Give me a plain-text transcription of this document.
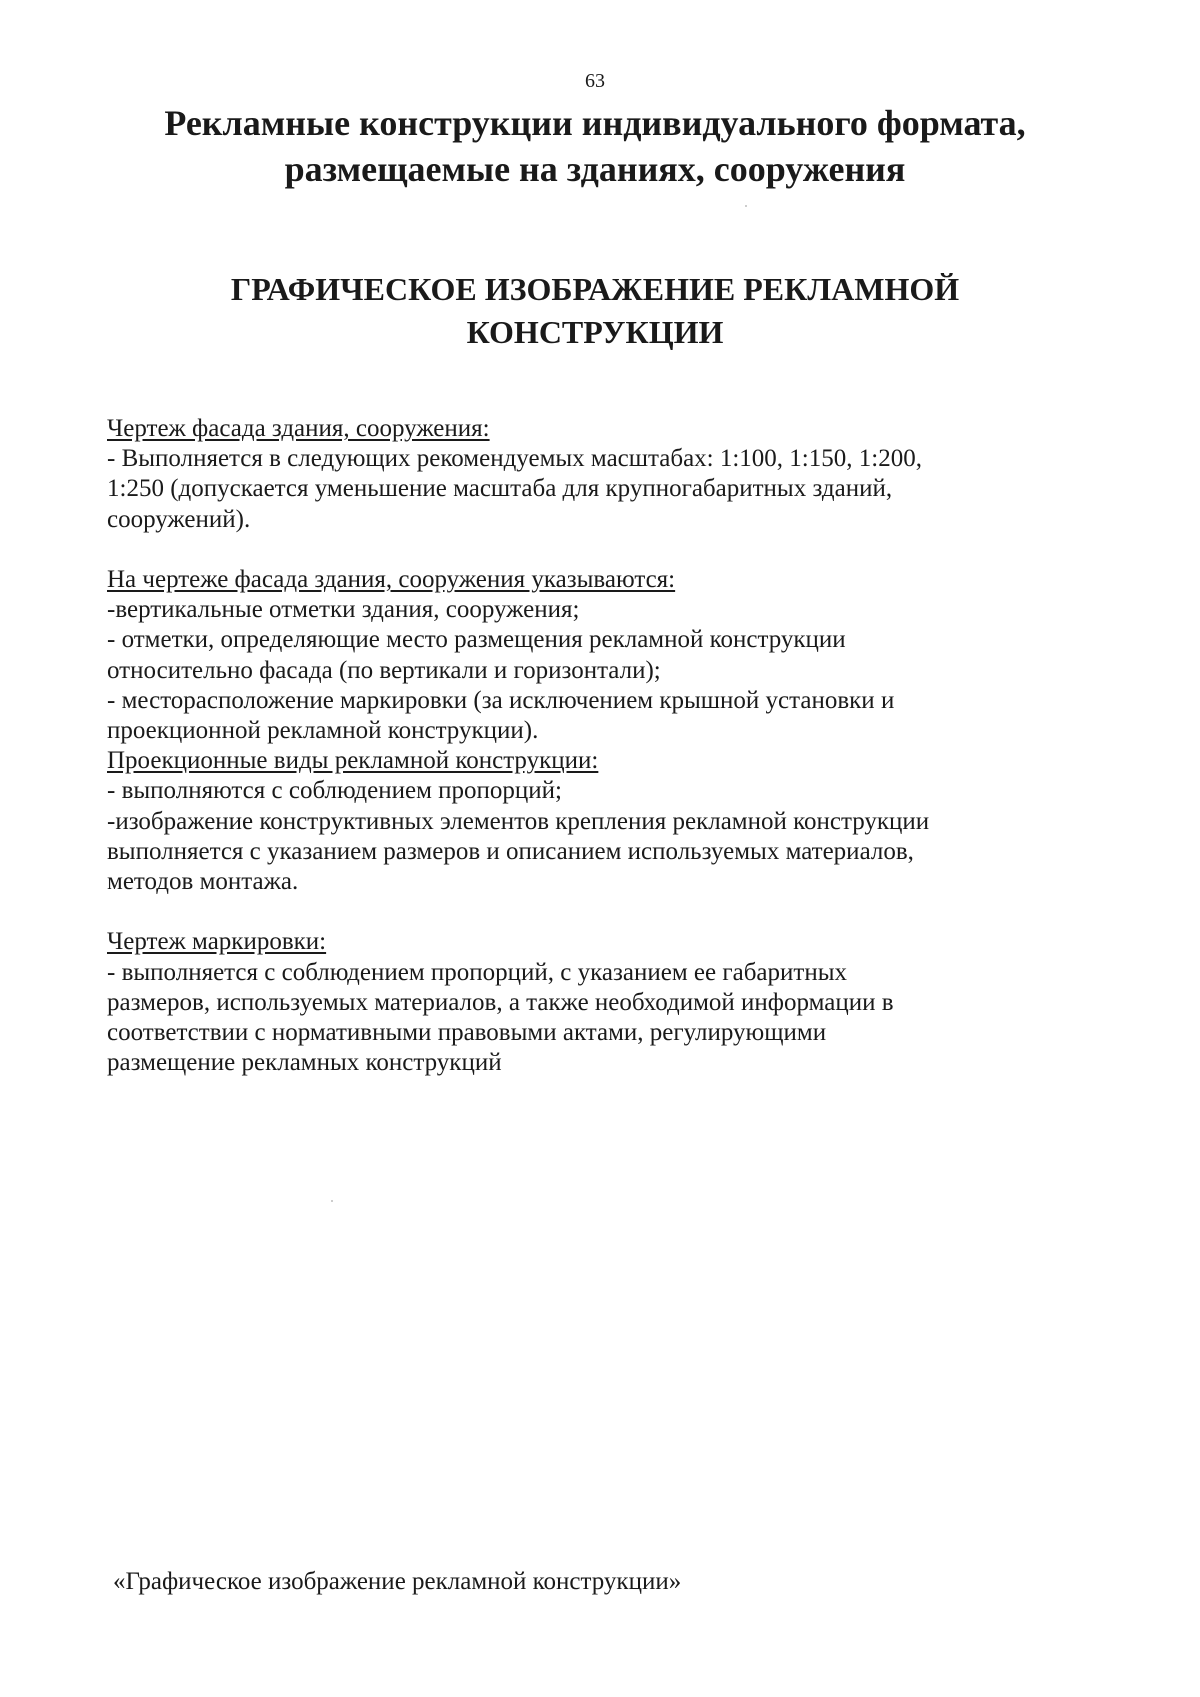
63
Рекламные конструкции индивидуального формата,
размещаемые на зданиях, сооружения
ГРАФИЧЕСКОЕ ИЗОБРАЖЕНИЕ РЕКЛАМНОЙ
КОНСТРУКЦИИ
Чертеж фасада здания, сооружения:
- Выполняется в следующих рекомендуемых масштабах: 1:100, 1:150, 1:200,
1:250 (допускается уменьшение масштаба для крупногабаритных зданий,
сооружений).
На чертеже фасада здания, сооружения указываются:
-вертикальные отметки здания, сооружения;
- отметки, определяющие место размещения рекламной конструкции
относительно фасада (по вертикали и горизонтали);
- месторасположение маркировки (за исключением крышной установки и
проекционной рекламной конструкции).
Проекционные виды рекламной конструкции:
- выполняются с соблюдением пропорций;
-изображение конструктивных элементов крепления рекламной конструкции
выполняется с указанием размеров и описанием используемых материалов,
методов монтажа.
Чертеж маркировки:
- выполняется с соблюдением пропорций, с указанием ее габаритных
размеров, используемых материалов, а также необходимой информации в
соответствии с нормативными правовыми актами, регулирующими
размещение рекламных конструкций
«Графическое изображение рекламной конструкции»
